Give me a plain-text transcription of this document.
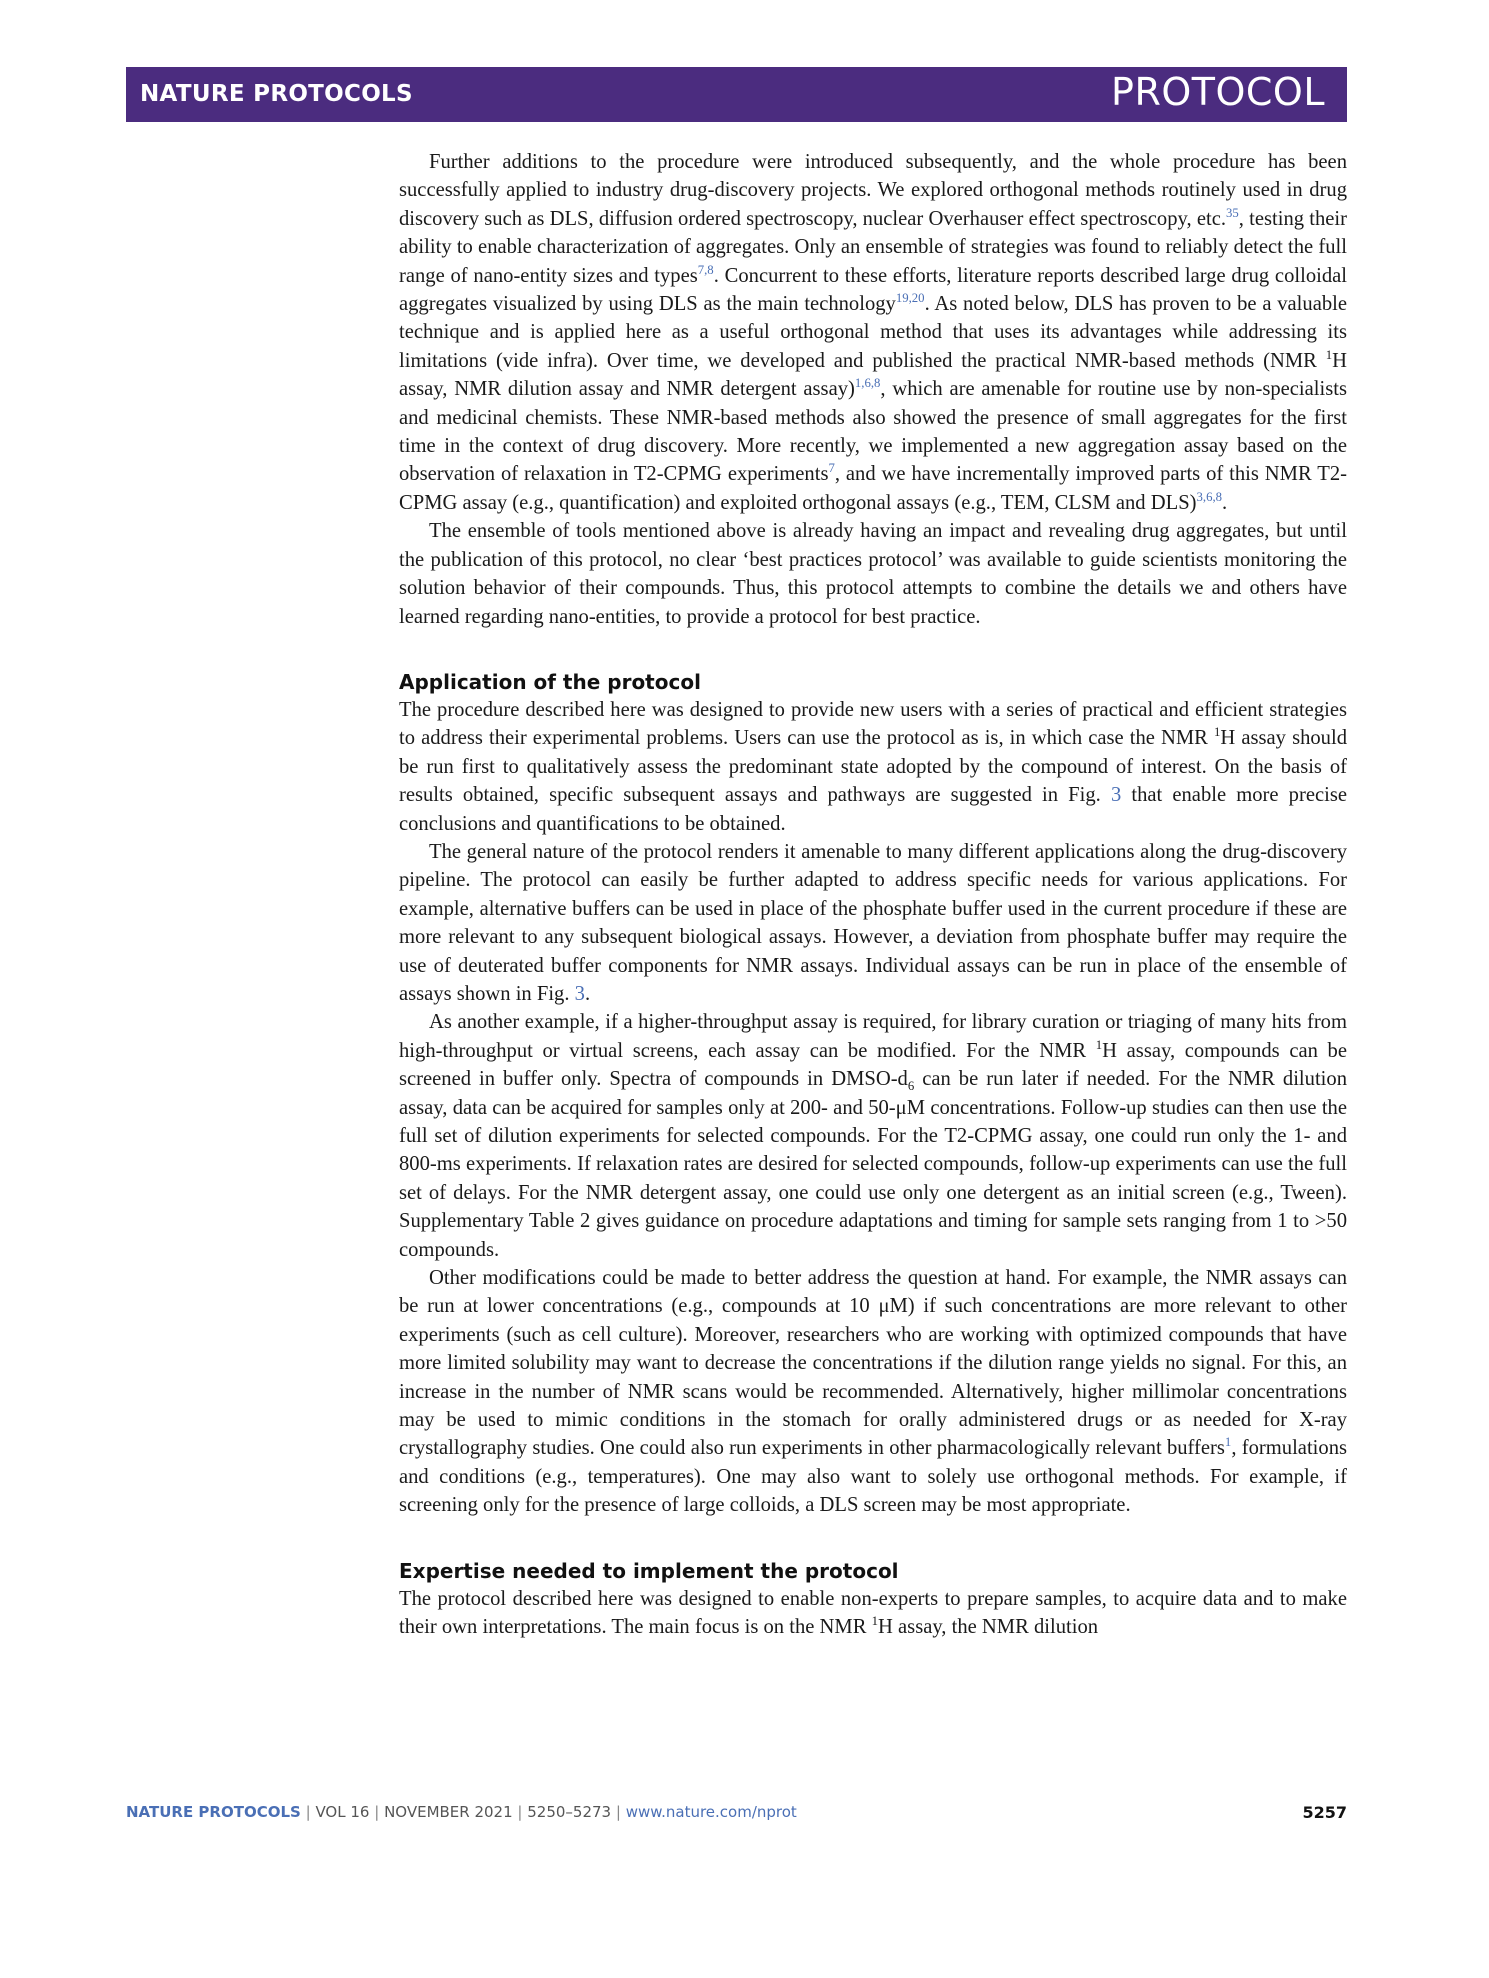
NATURE PROTOCOLS	PROTOCOL

Further additions to the procedure were introduced subsequently, and the whole procedure has been successfully applied to industry drug-discovery projects. We explored orthogonal methods routinely used in drug discovery such as DLS, diffusion ordered spectroscopy, nuclear Overhauser effect spectroscopy, etc.$^{35}$, testing their ability to enable characterization of aggregates. Only an ensemble of strategies was found to reliably detect the full range of nano-entity sizes and types$^{7,8}$. Concurrent to these efforts, literature reports described large drug colloidal aggregates visualized by using DLS as the main technology$^{19,20}$. As noted below, DLS has proven to be a valuable technique and is applied here as a useful orthogonal method that uses its advantages while addressing its limitations (vide infra). Over time, we developed and published the practical NMR-based methods (NMR $^1$H assay, NMR dilution assay and NMR detergent assay)$^{1,6,8}$, which are amenable for routine use by non-specialists and medicinal chemists. These NMR-based methods also showed the presence of small aggregates for the first time in the context of drug discovery. More recently, we implemented a new aggregation assay based on the observation of relaxation in T2-CPMG experiments$^7$, and we have incrementally improved parts of this NMR T2-CPMG assay (e.g., quantification) and exploited orthogonal assays (e.g., TEM, CLSM and DLS)$^{3,6,8}$.

The ensemble of tools mentioned above is already having an impact and revealing drug aggregates, but until the publication of this protocol, no clear ‘best practices protocol’ was available to guide scientists monitoring the solution behavior of their compounds. Thus, this protocol attempts to combine the details we and others have learned regarding nano-entities, to provide a protocol for best practice.

Application of the protocol

The procedure described here was designed to provide new users with a series of practical and efficient strategies to address their experimental problems. Users can use the protocol as is, in which case the NMR $^1$H assay should be run first to qualitatively assess the predominant state adopted by the compound of interest. On the basis of results obtained, specific subsequent assays and pathways are suggested in Fig. 3 that enable more precise conclusions and quantifications to be obtained.

The general nature of the protocol renders it amenable to many different applications along the drug-discovery pipeline. The protocol can easily be further adapted to address specific needs for various applications. For example, alternative buffers can be used in place of the phosphate buffer used in the current procedure if these are more relevant to any subsequent biological assays. However, a deviation from phosphate buffer may require the use of deuterated buffer components for NMR assays. Individual assays can be run in place of the ensemble of assays shown in Fig. 3.

As another example, if a higher-throughput assay is required, for library curation or triaging of many hits from high-throughput or virtual screens, each assay can be modified. For the NMR $^1$H assay, compounds can be screened in buffer only. Spectra of compounds in DMSO-$d_6$ can be run later if needed. For the NMR dilution assay, data can be acquired for samples only at 200- and 50-μM concentrations. Follow-up studies can then use the full set of dilution experiments for selected compounds. For the T2-CPMG assay, one could run only the 1- and 800-ms experiments. If relaxation rates are desired for selected compounds, follow-up experiments can use the full set of delays. For the NMR detergent assay, one could use only one detergent as an initial screen (e.g., Tween). Supplementary Table 2 gives guidance on procedure adaptations and timing for sample sets ranging from 1 to >50 compounds.

Other modifications could be made to better address the question at hand. For example, the NMR assays can be run at lower concentrations (e.g., compounds at 10 μM) if such concentrations are more relevant to other experiments (such as cell culture). Moreover, researchers who are working with optimized compounds that have more limited solubility may want to decrease the concentrations if the dilution range yields no signal. For this, an increase in the number of NMR scans would be recommended. Alternatively, higher millimolar concentrations may be used to mimic conditions in the stomach for orally administered drugs or as needed for X-ray crystallography studies. One could also run experiments in other pharmacologically relevant buffers$^1$, formulations and conditions (e.g., temperatures). One may also want to solely use orthogonal methods. For example, if screening only for the presence of large colloids, a DLS screen may be most appropriate.

Expertise needed to implement the protocol

The protocol described here was designed to enable non-experts to prepare samples, to acquire data and to make their own interpretations. The main focus is on the NMR $^1$H assay, the NMR dilution

NATURE PROTOCOLS | VOL 16 | NOVEMBER 2021 | 5250–5273 | www.nature.com/nprot	5257
